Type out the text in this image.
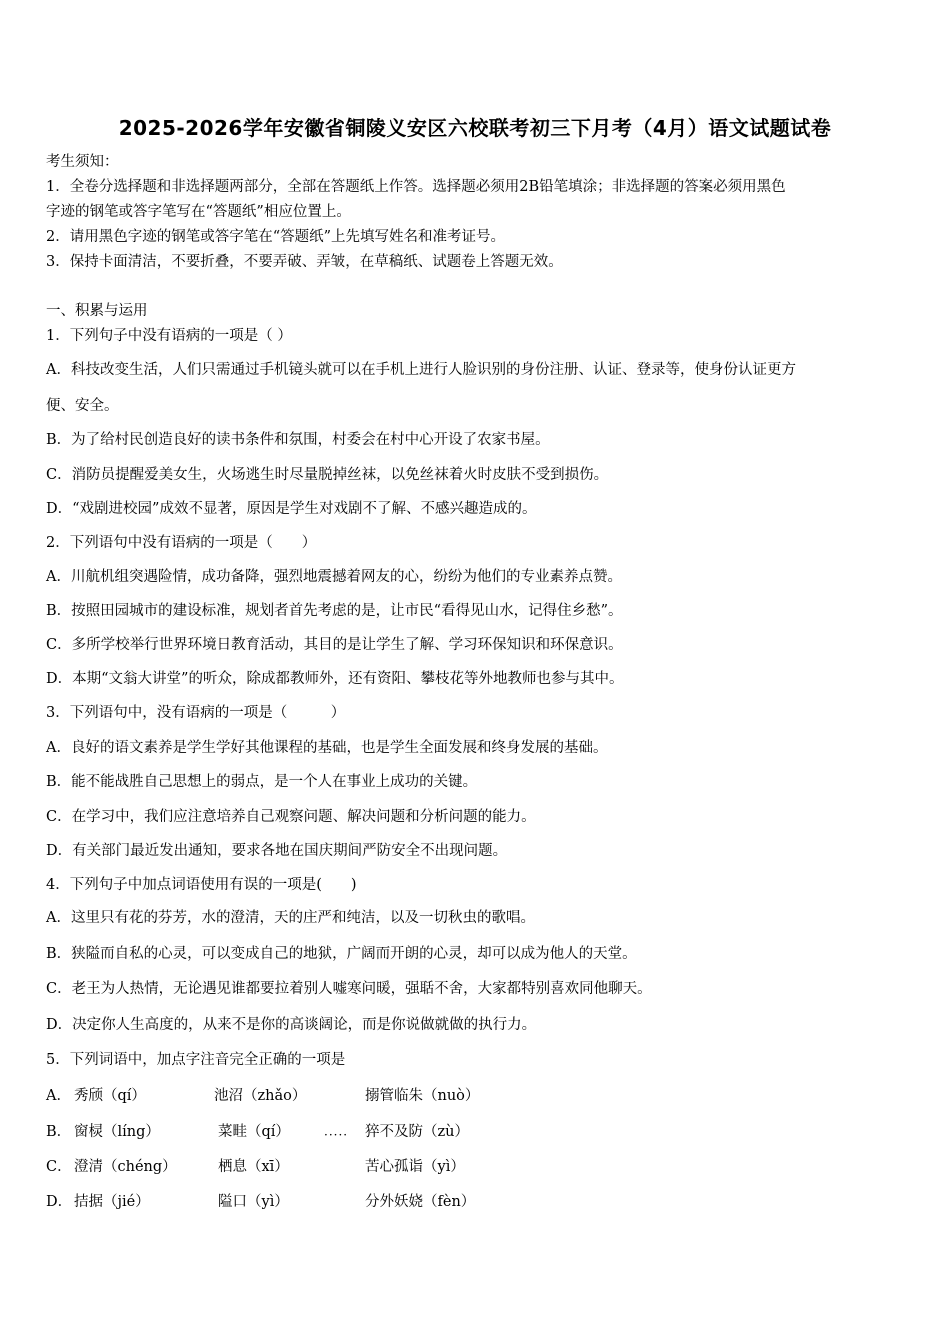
2025-2026学年安徽省铜陵义安区六校联考初三下月考（4月）语文试题试卷
考生须知：
1．全卷分选择题和非选择题两部分，全部在答题纸上作答。选择题必须用2B铅笔填涂；非选择题的答案必须用黑色
字迹的钢笔或答字笔写在“答题纸”相应位置上。
2．请用黑色字迹的钢笔或答字笔在“答题纸”上先填写姓名和准考证号。
3．保持卡面清洁，不要折叠，不要弄破、弄皱，在草稿纸、试题卷上答题无效。
一、积累与运用
1．下列句子中没有语病的一项是（ ）
A．科技改变生活，人们只需通过手机镜头就可以在手机上进行人脸识别的身份注册、认证、登录等，使身份认证更方
便、安全。
B．为了给村民创造良好的读书条件和氛围，村委会在村中心开设了农家书屋。
C．消防员提醒爱美女生，火场逃生时尽量脱掉丝袜，以免丝袜着火时皮肤不受到损伤。
D．“戏剧进校园”成效不显著，原因是学生对戏剧不了解、不感兴趣造成的。
2．下列语句中没有语病的一项是（　　）
A．川航机组突遇险情，成功备降，强烈地震撼着网友的心，纷纷为他们的专业素养点赞。
B．按照田园城市的建设标准，规划者首先考虑的是，让市民“看得见山水，记得住乡愁”。
C．多所学校举行世界环境日教育活动，其目的是让学生了解、学习环保知识和环保意识。
D．本期“文翁大讲堂”的听众，除成都教师外，还有资阳、攀枝花等外地教师也参与其中。
3．下列语句中，没有语病的一项是（　　　）
A．良好的语文素养是学生学好其他课程的基础，也是学生全面发展和终身发展的基础。
B．能不能战胜自己思想上的弱点，是一个人在事业上成功的关键。
C．在学习中，我们应注意培养自己观察问题、解决问题和分析问题的能力。
D．有关部门最近发出通知，要求各地在国庆期间严防安全不出现问题。
4．下列句子中加点词语使用有误的一项是(　　)
A．这里只有花的芬芳，水的澄清，天的庄严和纯洁，以及一切秋虫的歌唱。
B．狭隘而自私的心灵，可以变成自己的地狱，广阔而开朗的心灵，却可以成为他人的天堂。
C．老王为人热情，无论遇见谁都要拉着别人嘘寒问暖，强聒不舍，大家都特别喜欢同他聊天。
D．决定你人生高度的，从来不是你的高谈阔论，而是你说做就做的执行力。
5．下列词语中，加点字注音完全正确的一项是
A． 秀颀（qí）	池沼（zhǎo）	搦管临朱（nuò）
B． 窗棂（líng）	菜畦（qí）	····· 猝不及防（zù）
C． 澄清（chéng）	栖息（xī）	苦心孤诣（yì）
D． 拮据（jié）	隘口（yì）	分外妖娆（fèn）
